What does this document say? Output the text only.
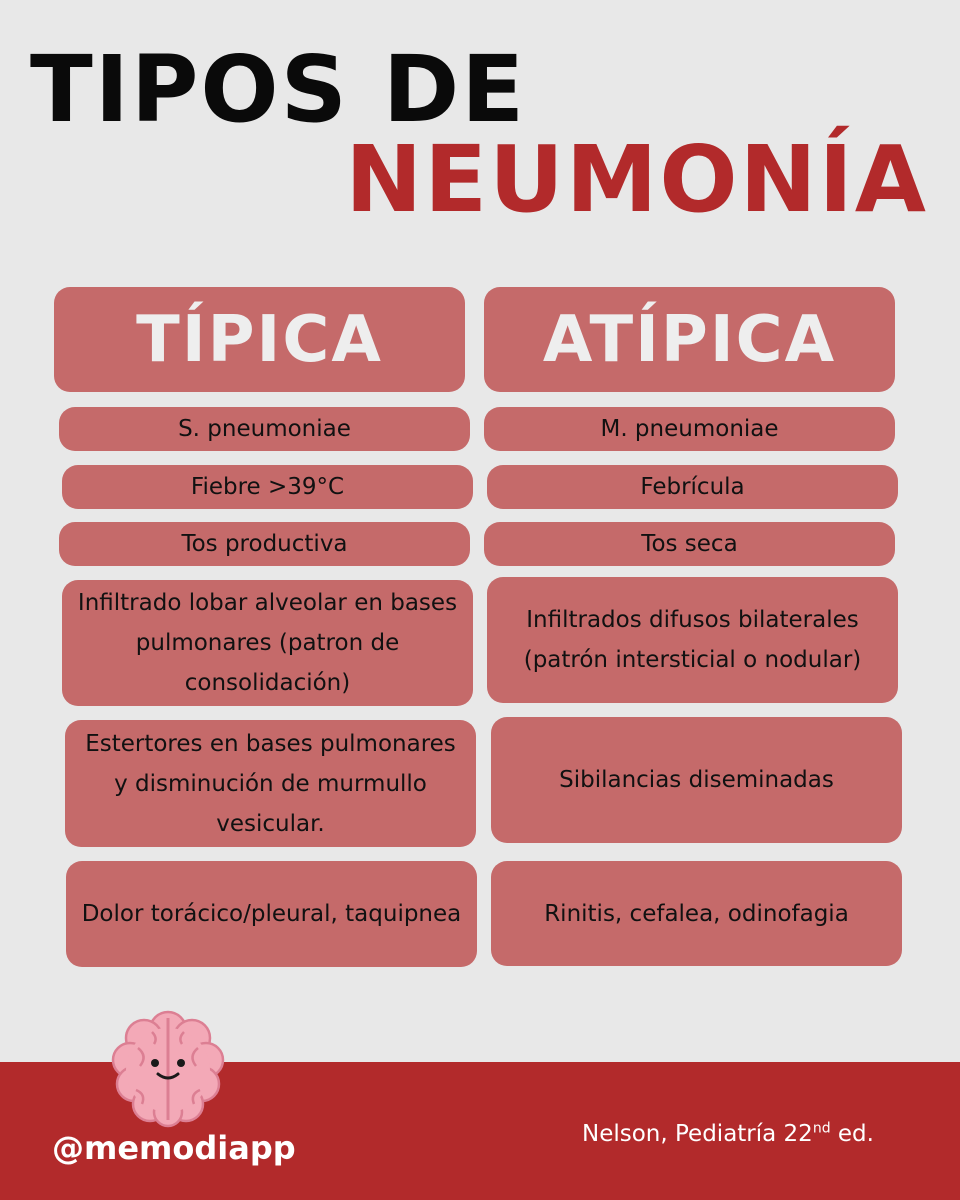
TIPOS DE
NEUMONÍA
TÍPICA	ATÍPICA
S. pneumoniae
Fiebre >39°C
Tos productiva
Infiltrado lobar alveolar en bases pulmonares (patron de consolidación)
Estertores en bases pulmonares y disminución de murmullo vesicular.
Dolor torácico/pleural, taquipnea
M. pneumoniae
Febrícula
Tos seca
Infiltrados difusos bilaterales (patrón intersticial o nodular)
Sibilancias diseminadas
Rinitis, cefalea, odinofagia
@memodiapp	Nelson, Pediatría 22nd ed.
